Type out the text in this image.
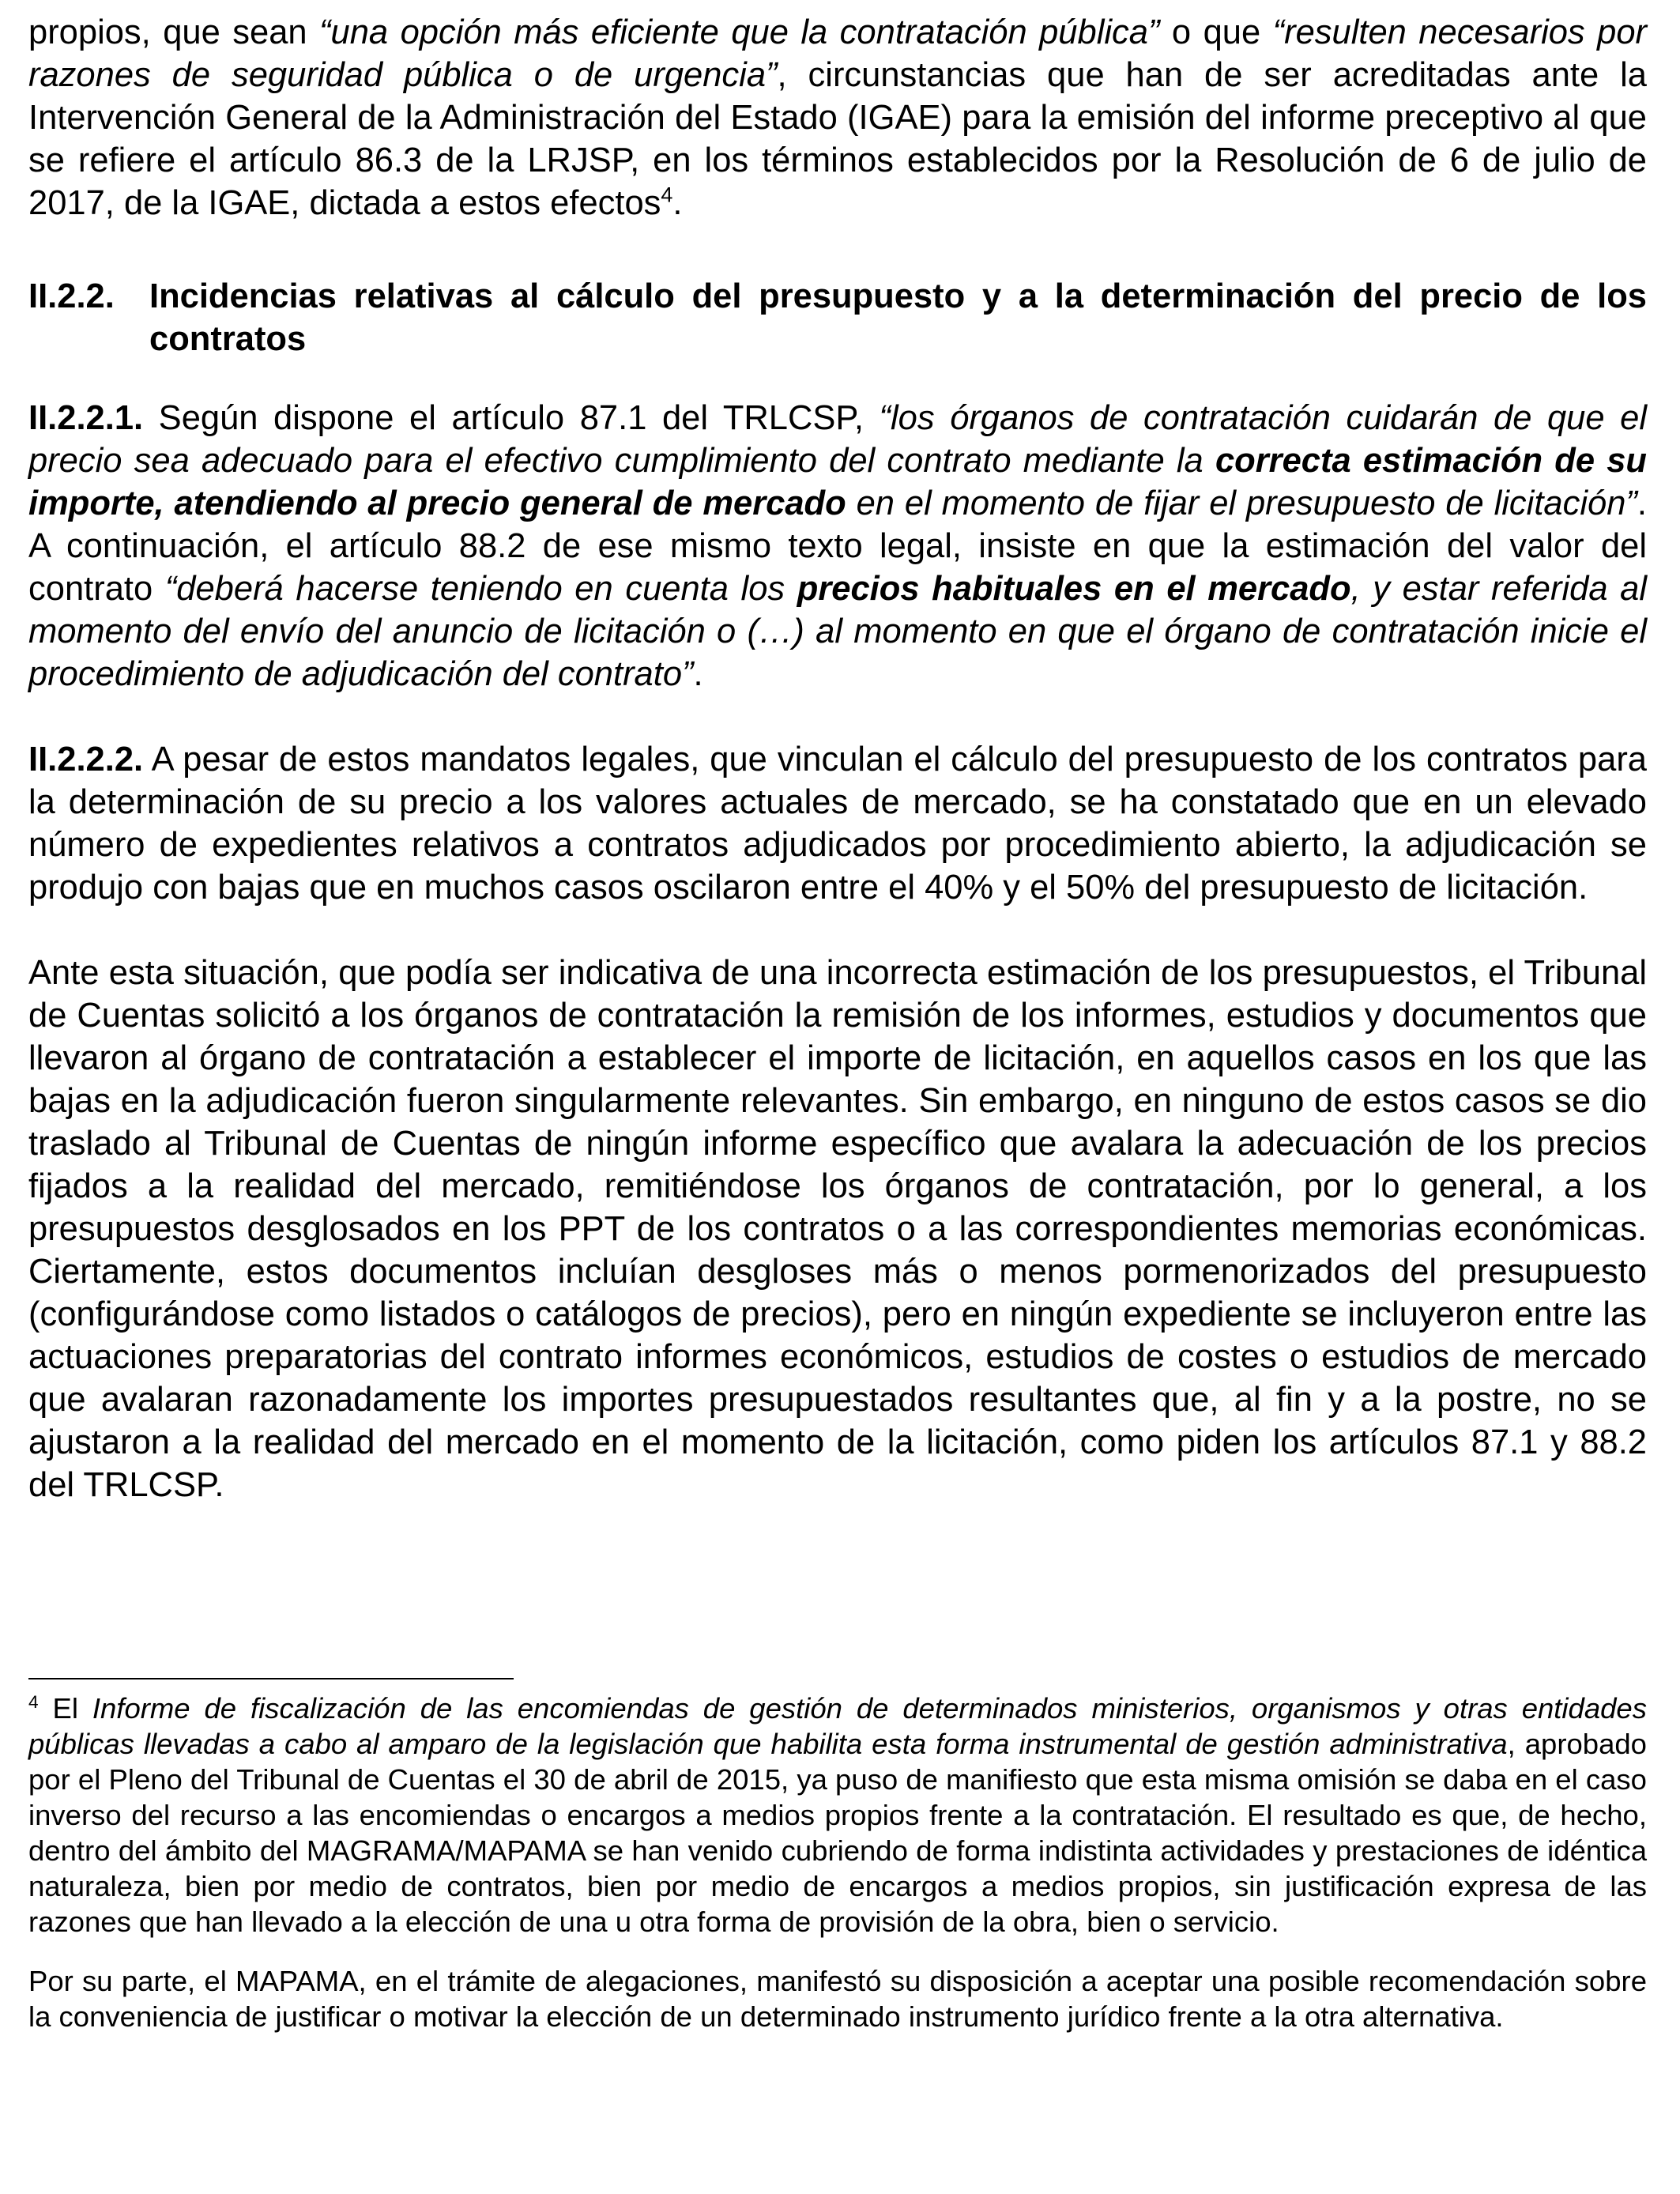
propios, que sean “una opción más eficiente que la contratación pública” o que “resulten necesarios por razones de seguridad pública o de urgencia”, circunstancias que han de ser acreditadas ante la Intervención General de la Administración del Estado (IGAE) para la emisión del informe preceptivo al que se refiere el artículo 86.3 de la LRJSP, en los términos establecidos por la Resolución de 6 de julio de 2017, de la IGAE, dictada a estos efectos$^4$.

II.2.2.	Incidencias relativas al cálculo del presupuesto y a la determinación del precio de los contratos

II.2.2.1. Según dispone el artículo 87.1 del TRLCSP, “los órganos de contratación cuidarán de que el precio sea adecuado para el efectivo cumplimiento del contrato mediante la correcta estimación de su importe, atendiendo al precio general de mercado en el momento de fijar el presupuesto de licitación”. A continuación, el artículo 88.2 de ese mismo texto legal, insiste en que la estimación del valor del contrato “deberá hacerse teniendo en cuenta los precios habituales en el mercado, y estar referida al momento del envío del anuncio de licitación o (…) al momento en que el órgano de contratación inicie el procedimiento de adjudicación del contrato”.

II.2.2.2. A pesar de estos mandatos legales, que vinculan el cálculo del presupuesto de los contratos para la determinación de su precio a los valores actuales de mercado, se ha constatado que en un elevado número de expedientes relativos a contratos adjudicados por procedimiento abierto, la adjudicación se produjo con bajas que en muchos casos oscilaron entre el 40% y el 50% del presupuesto de licitación.

Ante esta situación, que podía ser indicativa de una incorrecta estimación de los presupuestos, el Tribunal de Cuentas solicitó a los órganos de contratación la remisión de los informes, estudios y documentos que llevaron al órgano de contratación a establecer el importe de licitación, en aquellos casos en los que las bajas en la adjudicación fueron singularmente relevantes. Sin embargo, en ninguno de estos casos se dio traslado al Tribunal de Cuentas de ningún informe específico que avalara la adecuación de los precios fijados a la realidad del mercado, remitiéndose los órganos de contratación, por lo general, a los presupuestos desglosados en los PPT de los contratos o a las correspondientes memorias económicas. Ciertamente, estos documentos incluían desgloses más o menos pormenorizados del presupuesto (configurándose como listados o catálogos de precios), pero en ningún expediente se incluyeron entre las actuaciones preparatorias del contrato informes económicos, estudios de costes o estudios de mercado que avalaran razonadamente los importes presupuestados resultantes que, al fin y a la postre, no se ajustaron a la realidad del mercado en el momento de la licitación, como piden los artículos 87.1 y 88.2 del TRLCSP.

$^4$ El Informe de fiscalización de las encomiendas de gestión de determinados ministerios, organismos y otras entidades públicas llevadas a cabo al amparo de la legislación que habilita esta forma instrumental de gestión administrativa, aprobado por el Pleno del Tribunal de Cuentas el 30 de abril de 2015, ya puso de manifiesto que esta misma omisión se daba en el caso inverso del recurso a las encomiendas o encargos a medios propios frente a la contratación. El resultado es que, de hecho, dentro del ámbito del MAGRAMA/MAPAMA se han venido cubriendo de forma indistinta actividades y prestaciones de idéntica naturaleza, bien por medio de contratos, bien por medio de encargos a medios propios, sin justificación expresa de las razones que han llevado a la elección de una u otra forma de provisión de la obra, bien o servicio.

Por su parte, el MAPAMA, en el trámite de alegaciones, manifestó su disposición a aceptar una posible recomendación sobre la conveniencia de justificar o motivar la elección de un determinado instrumento jurídico frente a la otra alternativa.
